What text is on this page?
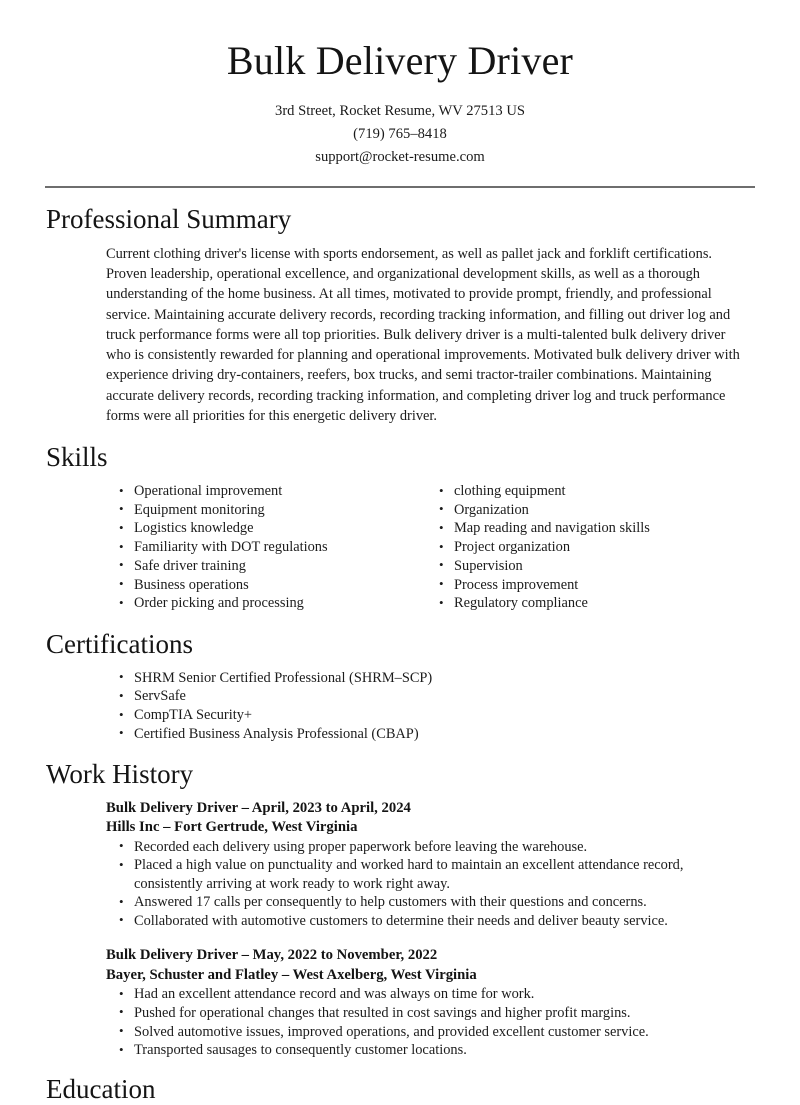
Bulk Delivery Driver
3rd Street, Rocket Resume, WV 27513 US
(719) 765–8418
support@rocket-resume.com
Professional Summary

Current clothing driver's license with sports endorsement, as well as pallet jack and forklift certifications. Proven leadership, operational excellence, and organizational development skills, as well as a thorough understanding of the home business. At all times, motivated to provide prompt, friendly, and professional service. Maintaining accurate delivery records, recording tracking information, and filling out driver log and truck performance forms were all top priorities. Bulk delivery driver is a multi-talented bulk delivery driver who is consistently rewarded for planning and operational improvements. Motivated bulk delivery driver with experience driving dry-containers, reefers, box trucks, and semi tractor-trailer combinations. Maintaining accurate delivery records, recording tracking information, and completing driver log and truck performance forms were all priorities for this energetic delivery driver.

Skills
• Operational improvement
• Equipment monitoring
• Logistics knowledge
• Familiarity with DOT regulations
• Safe driver training
• Business operations
• Order picking and processing
• clothing equipment
• Organization
• Map reading and navigation skills
• Project organization
• Supervision
• Process improvement
• Regulatory compliance
Certifications
• SHRM Senior Certified Professional (SHRM–SCP)
• ServSafe
• CompTIA Security+
• Certified Business Analysis Professional (CBAP)
Work History
Bulk Delivery Driver – April, 2023 to April, 2024
Hills Inc – Fort Gertrude, West Virginia
• Recorded each delivery using proper paperwork before leaving the warehouse.
• Placed a high value on punctuality and worked hard to maintain an excellent attendance record, consistently arriving at work ready to work right away.
• Answered 17 calls per consequently to help customers with their questions and concerns.
• Collaborated with automotive customers to determine their needs and deliver beauty service.
Bulk Delivery Driver – May, 2022 to November, 2022
Bayer, Schuster and Flatley – West Axelberg, West Virginia
• Had an excellent attendance record and was always on time for work.
• Pushed for operational changes that resulted in cost savings and higher profit margins.
• Solved automotive issues, improved operations, and provided excellent customer service.
• Transported sausages to consequently customer locations.
Education
